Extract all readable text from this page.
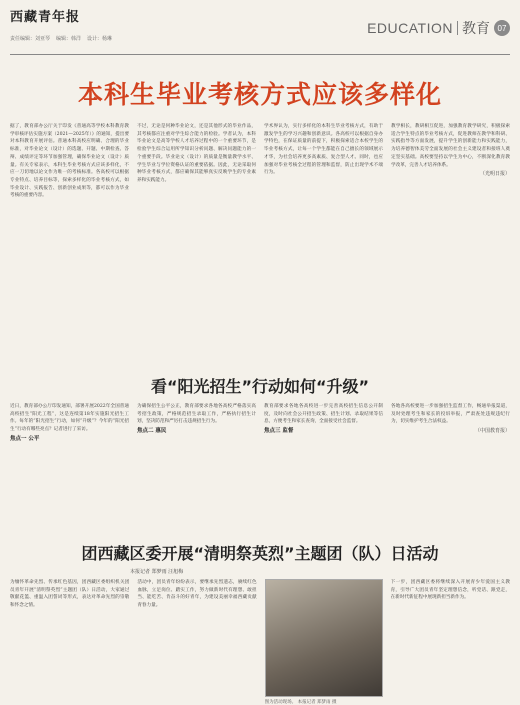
西藏青年报
责任编辑：刘亚琴 编辑：韩洋 设计：杨琳
EDUCATION 教育 07
本科生毕业考核方式应该多样化

据了，教育部办公厅关于印发《普通高等学校本科教育教学审核评估实施方案（2021—2025年）》的通知，提出要对本科教育开展评估。普通本科高校应明确、合理的毕业标准，对毕业论文（设计）的选题、开题、中期检查、答辩、成绩评定等环节加强管理，确保毕业论文（设计）质量。有关专家表示，本科生毕业考核方式应该多样化，不应一刀切地以论文作为唯一的考核标准。各高校可以根据专业特点、培养目标等，探索多样化的毕业考核方式，如毕业设计、实践报告、创新创业成果等，都可以作为毕业考核的重要内容。

不过，无论是何种毕业论文，还是其他形式的毕业作品，其考核都应注重对学生综合能力的检验。学者认为，本科毕业论文是高等学校人才培养过程中的一个重要环节，是检验学生综合运用所学知识分析问题、解决问题能力的一个重要手段。毕业论文（设计）的质量是衡量教学水平、学生毕业与学位资格认证的重要依据。因此，无论采取何种毕业考核方式，都应确保其能够真实反映学生的专业素养和实践能力。

学术界认为，实行多样化的本科生毕业考核方式，有助于激发学生的学习兴趣和创新意识。各高校可以根据自身办学特色，在保证质量的前提下，积极探索适合本校学生的毕业考核方式，让每一个学生都能在自己擅长的领域展示才华，为社会培养更多高素质、复合型人才。同时，也应加强对毕业考核全过程的管理和监督，防止出现学术不端行为。

教学相长，教研相互促进，加强教育教学研究，积极探索适合学生特点的毕业考核方式，促进教师在教学和科研、实践指导等方面发展，提升学生的创新能力和实践能力，为培养德智体美劳全面发展的社会主义建设者和接班人奠定坚实基础。高校要坚持以学生为中心，不断深化教育教学改革，完善人才培养体系。

（光明日报）

看“阳光招生”行动如何“升级”

近日，教育部办公厅印发通知，部署开展2022年全国普通高校招生“阳光工程”，这是连续第18年实施阳光招生工作。每年的“阳光招生”行动，如何“升级”？今年的“阳光招生”行动有哪些亮点？记者进行了采访。

焦点一 公平

为确保招生公平公正，教育部要求各地各高校严格落实高考招生政策，严格规范招生录取工作，严格执行招生计划，坚决防范和严厉打击违规招生行为。

焦点二 惠民

教育部要求各地各高校进一步完善高校招生信息公开制度，及时向社会公开招生政策、招生计划、录取结果等信息，方便考生和家长查询，全面接受社会监督。

焦点三 监督

各地各高校要进一步加强招生监督工作，畅通举报渠道，及时处理考生和家长的投诉举报，严肃查处违规违纪行为，切实维护考生合法权益。

（中国教育报）

团西藏区委开展“清明祭英烈”主题团（队）日活动
本报记者 郑梦雨 汪旭梅

为缅怀革命先烈、传承红色基因，团西藏区委组织机关团员青年开展“清明祭英烈”主题团（队）日活动，大家通过敬献花篮、重温入团誓词等形式，表达对革命先烈的崇敬和怀念之情。

活动中，团员青年纷纷表示，要继承先烈遗志，赓续红色血脉，立足岗位、踏实工作，努力做新时代有理想、敢担当、能吃苦、肯奋斗的好青年，为建设美丽幸福西藏贡献青春力量。

图为活动现场。 本报记者 郑梦雨 摄

下一步，团西藏区委将继续深入开展青少年爱国主义教育，引导广大团员青年坚定理想信念，听党话、跟党走，在新时代新征程中展现新担当新作为。
